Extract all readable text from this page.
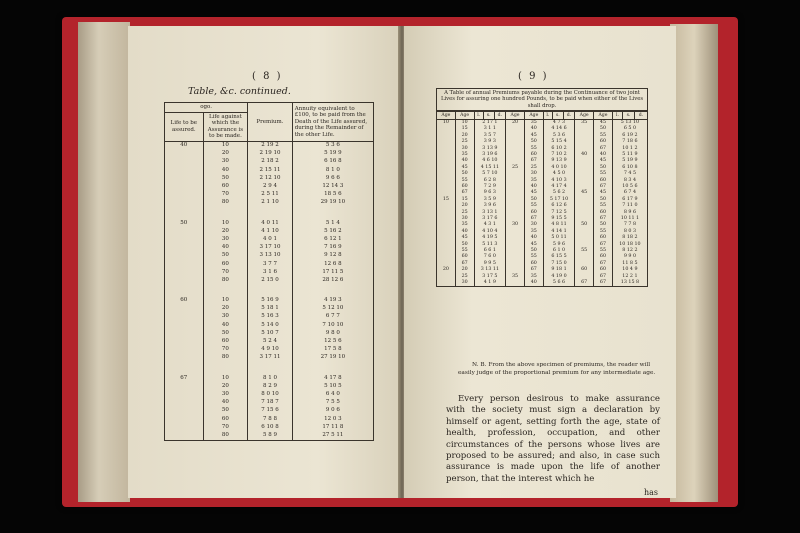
( 8 )
Table, &c. continued.
ogo.		Premium.	Annuity equivalent to £100, to be paid from the Death of the Life assured, during the Remainder of the other Life.
Life to be assured.	Life against which the Assurance is to be made.		
40	10	2 19 2	5 3 6
	20	2 19 10	5 19 9
	30	2 18 2	6 16 8
	40	2 15 11	8 1 0
	50	2 12 10	9 6 6
	60	2 9 4	12 14 3
	70	2 5 11	18 5 6
	80	2 1 10	29 19 10
50	10	4 0 11	5 1 4
	20	4 1 10	5 16 2
	30	4 0 1	6 12 1
	40	3 17 10	7 16 9
	50	3 13 10	9 12 8
	60	3 7 7	12 6 8
	70	3 1 6	17 11 5
	80	2 15 0	28 12 6
60	10	5 16 9	4 19 3
	20	5 18 1	5 12 10
	30	5 16 3	6 7 7
	40	5 14 0	7 10 10
	50	5 10 7	9 8 0
	60	5 2 4	12 5 6
	70	4 9 10	17 5 8
	80	3 17 11	27 19 10
67	10	8 1 0	4 17 8
	20	8 2 9	5 10 5
	30	8 0 10	6 4 0
	40	7 18 7	7 5 5
	50	7 15 6	9 0 6
	60	7 8 8	12 0 3
	70	6 10 8	17 11 8
	80	5 8 9	27 5 11
( 9 )
A Table of annual Premiums payable during the Continuance of two joint Lives for assuring one hundred Pounds, to be paid when either of the Lives shall drop.
Age	Age	l.	s.	d.	Age	Age	l.	s.	d.	Age	Age	l.	s.	d.
10	10	2 17 1			20	35	4 7 3			35	45	5 13 10		
	15	3 1 1				40	4 14 6				50	6 5 0		
	20	3 5 7				45	5 3 6				55	6 19 2		
	25	3 9 3				50	5 15 4				60	7 18 6		
	30	3 13 9				55	6 10 2				67	10 1 2		
	35	3 19 6				60	7 10 2			40	40	5 11 9		
	40	4 6 10				67	9 13 9				45	5 19 9		
	45	4 15 11			25	25	4 0 10				50	6 10 8		
	50	5 7 10				30	4 5 0				55	7 4 5		
	55	6 2 8				35	4 10 3				60	8 3 4		
	60	7 2 9				40	4 17 4				67	10 5 6		
	67	9 6 3				45	5 6 2			45	45	6 7 4		
15	15	3 5 9				50	5 17 10				50	6 17 9		
	20	3 9 6				55	6 12 6				55	7 11 0		
	25	3 13 1				60	7 12 5				60	8 9 6		
	30	3 17 6				67	9 15 5				67	10 11 1		
	35	4 3 1			30	30	4 8 11			50	50	7 7 8		
	40	4 10 4				35	4 14 1				55	8 0 3		
	45	4 19 5				40	5 0 11				60	8 18 2		
	50	5 11 3				45	5 9 6				67	10 18 10		
	55	6 6 1				50	6 1 0			55	55	8 12 2		
	60	7 6 0				55	6 15 5				60	9 9 0		
	67	9 9 5				60	7 15 0				67	11 8 5		
20	20	3 13 11				67	9 18 1			60	60	10 4 9		
	25	3 17 5			35	35	4 19 0				67	12 2 1		
	30	4 1 9				40	5 6 6			67	67	13 15 8		
N. B. From the above specimen of premiums, the reader will easily judge of the proportional premium for any intermediate age.
Every person desirous to make assurance with the society must sign a declaration by himself or agent, setting forth the age, state of health, profession, occupation, and other circumstances of the persons whose lives are proposed to be assured; and also, in case such assurance is made upon the life of another person, that the interest which he
has
